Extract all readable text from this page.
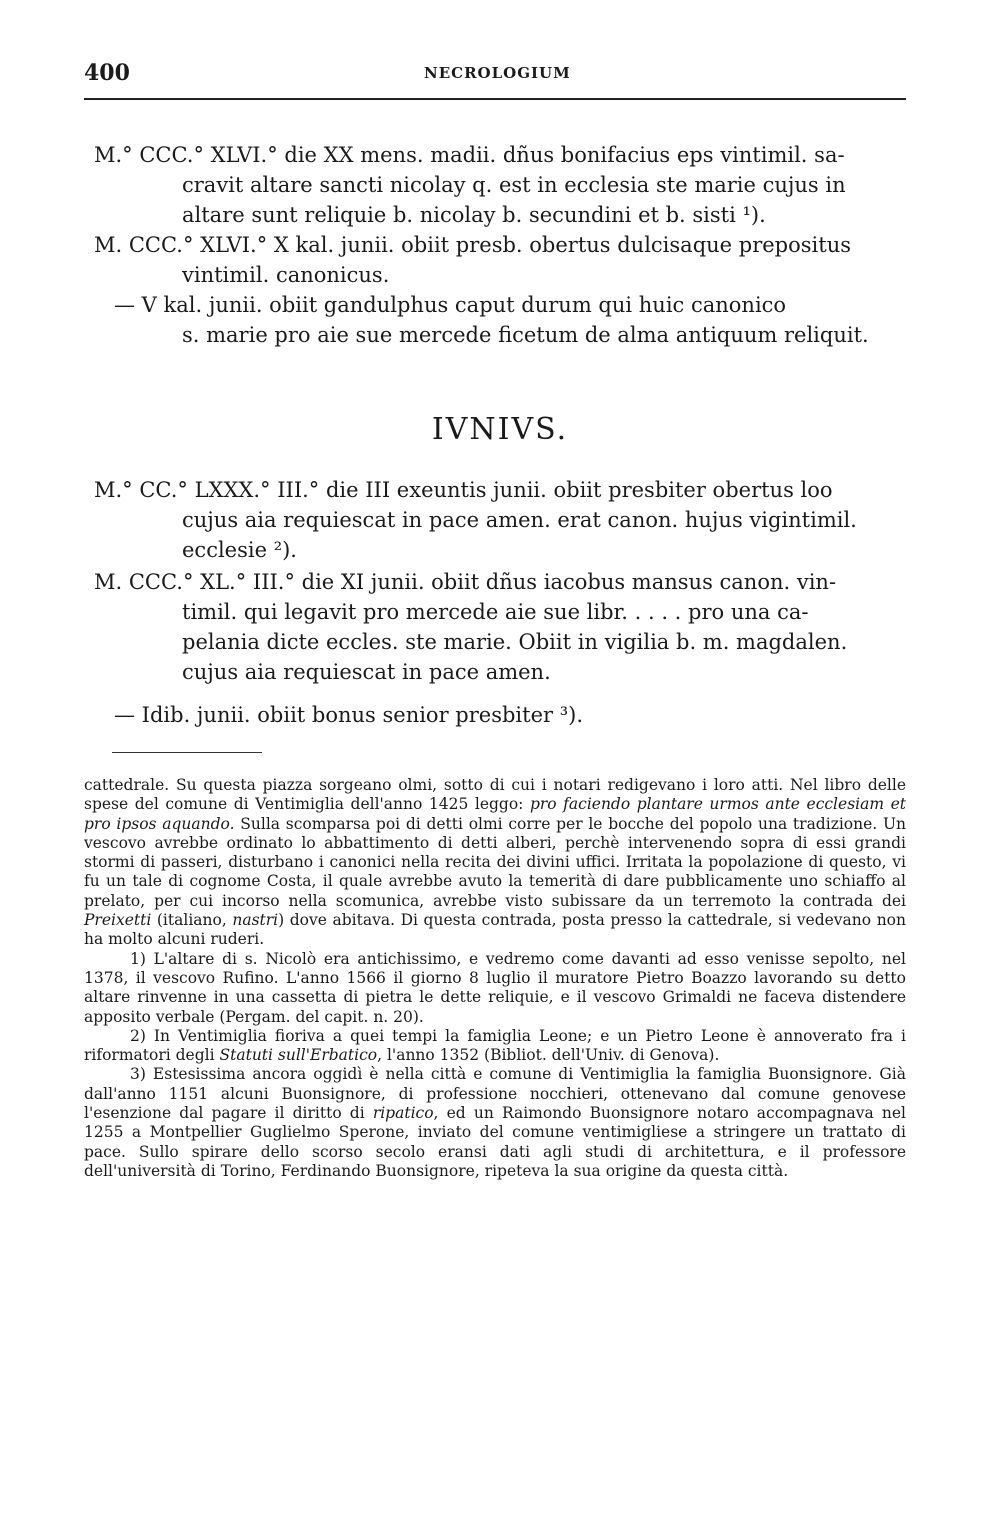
400	NECROLOGIUM
M.° CCC.° XLVI.° die XX mens. madii. dñus bonifacius eps vintimil. sa-
cravit altare sancti nicolay q. est in ecclesia ste marie cujus in
altare sunt reliquie b. nicolay b. secundini et b. sisti ¹).
M. CCC.° XLVI.° X kal. junii. obiit presb. obertus dulcisaque prepositus
vintimil. canonicus.
— V kal. junii. obiit gandulphus caput durum qui huic canonico
s. marie pro aie sue mercede ficetum de alma antiquum reliquit.
IVNIVS.
M.° CC.° LXXX.° III.° die III exeuntis junii. obiit presbiter obertus loo
cujus aia requiescat in pace amen. erat canon. hujus vigintimil.
ecclesie ²).
M. CCC.° XL.° III.° die XI junii. obiit dñus iacobus mansus canon. vin-
timil. qui legavit pro mercede aie sue libr. . . . . pro una ca-
pelania dicte eccles. ste marie. Obiit in vigilia b. m. magdalen.
cujus aia requiescat in pace amen.
— Idib. junii. obiit bonus senior presbiter ³).

cattedrale. Su questa piazza sorgeano olmi, sotto di cui i notari redigevano i loro atti. Nel libro delle spese del comune di Ventimiglia dell'anno 1425 leggo: pro faciendo plantare urmos ante ecclesiam et pro ipsos aquando. Sulla scomparsa poi di detti olmi corre per le bocche del popolo una tradizione. Un vescovo avrebbe ordinato lo abbattimento di detti alberi, perchè intervenendo sopra di essi grandi stormi di passeri, disturbano i canonici nella recita dei divini uffici. Irritata la popolazione di questo, vi fu un tale di cognome Costa, il quale avrebbe avuto la temerità di dare pubblicamente uno schiaffo al prelato, per cui incorso nella scomunica, avrebbe visto subissare da un terremoto la contrada dei Preixetti (italiano, nastri) dove abitava. Di questa contrada, posta presso la cattedrale, si vedevano non ha molto alcuni ruderi.

1) L'altare di s. Nicolò era antichissimo, e vedremo come davanti ad esso venisse sepolto, nel 1378, il vescovo Rufino. L'anno 1566 il giorno 8 luglio il muratore Pietro Boazzo lavorando su detto altare rinvenne in una cassetta di pietra le dette reliquie, e il vescovo Grimaldi ne faceva distendere apposito verbale (Pergam. del capit. n. 20).

2) In Ventimiglia fioriva a quei tempi la famiglia Leone; e un Pietro Leone è annoverato fra i riformatori degli Statuti sull'Erbatico, l'anno 1352 (Bibliot. dell'Univ. di Genova).

3) Estesissima ancora oggidì è nella città e comune di Ventimiglia la famiglia Buonsignore. Già dall'anno 1151 alcuni Buonsignore, di professione nocchieri, ottenevano dal comune genovese l'esenzione dal pagare il diritto di ripatico, ed un Raimondo Buonsignore notaro accompagnava nel 1255 a Montpellier Guglielmo Sperone, inviato del comune ventimigliese a stringere un trattato di pace. Sullo spirare dello scorso secolo eransi dati agli studi di architettura, e il professore dell'università di Torino, Ferdinando Buonsignore, ripeteva la sua origine da questa città.
